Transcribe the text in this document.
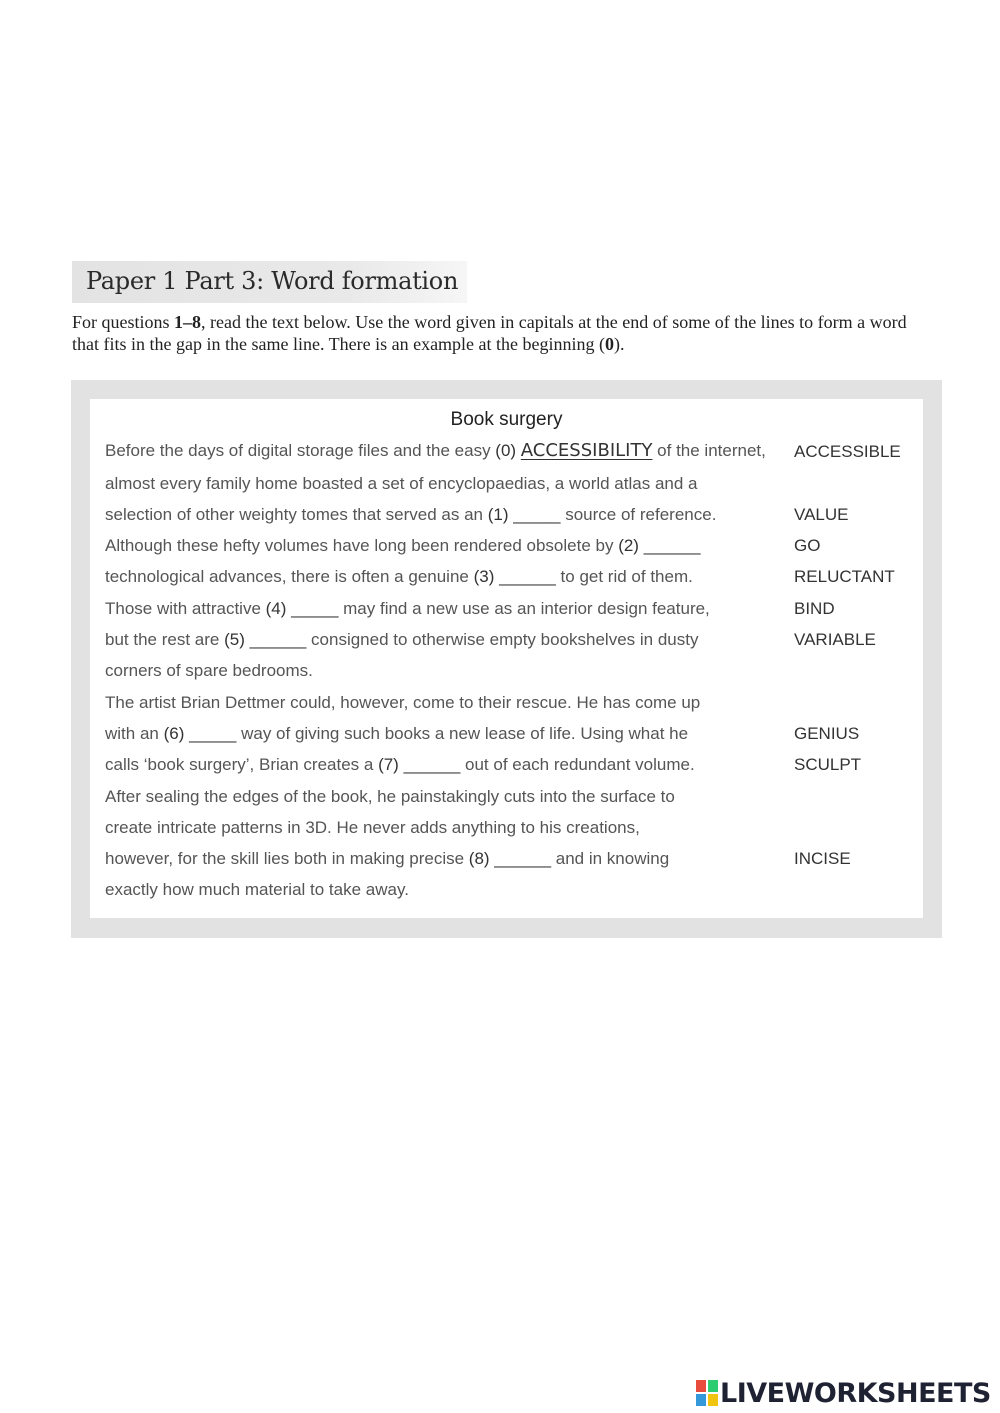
Paper 1 Part 3: Word formation
For questions 1–8, read the text below. Use the word given in capitals at the end of some of the lines to form a word that fits in the gap in the same line. There is an example at the beginning (0).
Book surgery
Before the days of digital storage files and the easy (0) ACCESSIBILITY of the internet, ACCESSIBLE
almost every family home boasted a set of encyclopaedias, a world atlas and a
selection of other weighty tomes that served as an (1) _____ source of reference.	VALUE
Although these hefty volumes have long been rendered obsolete by (2) ______	GO
technological advances, there is often a genuine (3) ______ to get rid of them.	RELUCTANT
Those with attractive (4) _____ may find a new use as an interior design feature,	BIND
but the rest are (5) ______ consigned to otherwise empty bookshelves in dusty	VARIABLE
corners of spare bedrooms.
The artist Brian Dettmer could, however, come to their rescue. He has come up
with an (6) _____ way of giving such books a new lease of life. Using what he	GENIUS
calls ‘book surgery’, Brian creates a (7) ______ out of each redundant volume.	SCULPT
After sealing the edges of the book, he painstakingly cuts into the surface to
create intricate patterns in 3D. He never adds anything to his creations,
however, for the skill lies both in making precise (8) ______ and in knowing	INCISE
exactly how much material to take away.
LIVEWORKSHEETS
